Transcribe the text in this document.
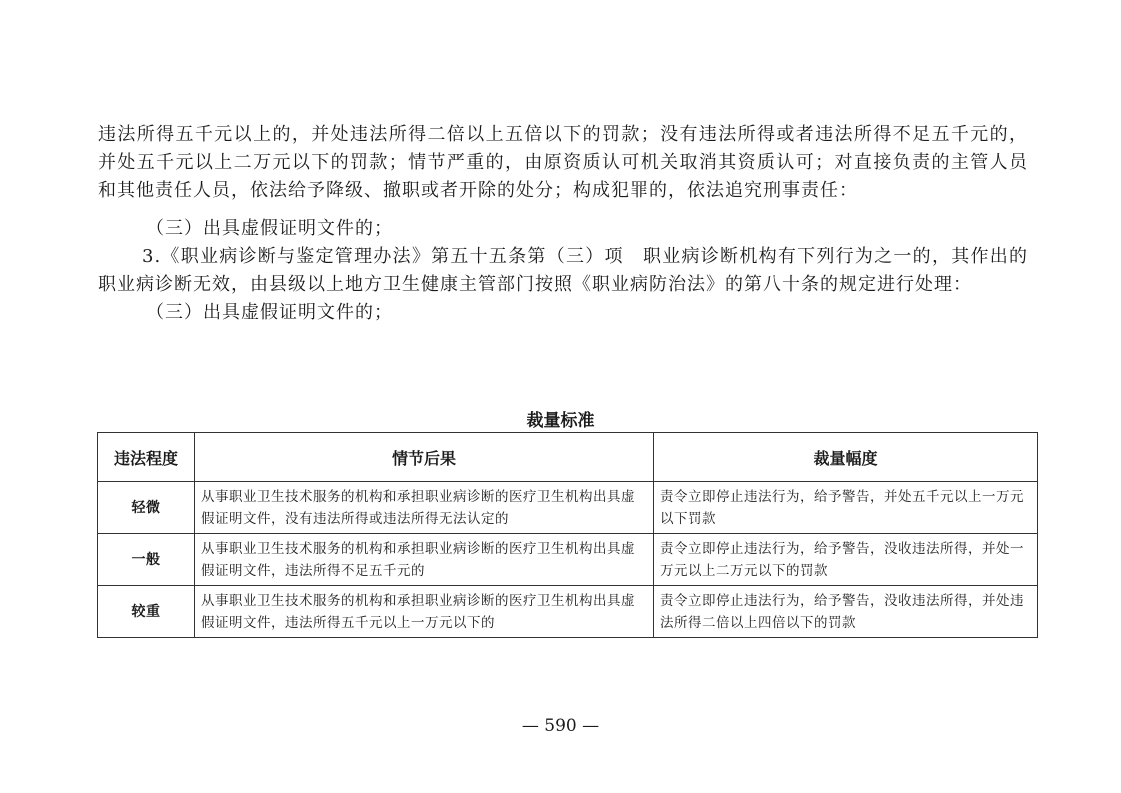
违法所得五千元以上的，并处违法所得二倍以上五倍以下的罚款；没有违法所得或者违法所得不足五千元的，并处五千元以上二万元以下的罚款；情节严重的，由原资质认可机关取消其资质认可；对直接负责的主管人员和其他责任人员，依法给予降级、撤职或者开除的处分；构成犯罪的，依法追究刑事责任：

（三）出具虚假证明文件的；

3.《职业病诊断与鉴定管理办法》第五十五条第（三）项　职业病诊断机构有下列行为之一的，其作出的职业病诊断无效，由县级以上地方卫生健康主管部门按照《职业病防治法》的第八十条的规定进行处理：

（三）出具虚假证明文件的；

裁量标准
违法程度	情节后果	裁量幅度
轻微	从事职业卫生技术服务的机构和承担职业病诊断的医疗卫生机构出具虚假证明文件，没有违法所得或违法所得无法认定的	责令立即停止违法行为，给予警告，并处五千元以上一万元以下罚款
一般	从事职业卫生技术服务的机构和承担职业病诊断的医疗卫生机构出具虚假证明文件，违法所得不足五千元的	责令立即停止违法行为，给予警告，没收违法所得，并处一万元以上二万元以下的罚款
较重	从事职业卫生技术服务的机构和承担职业病诊断的医疗卫生机构出具虚假证明文件，违法所得五千元以上一万元以下的	责令立即停止违法行为，给予警告，没收违法所得，并处违法所得二倍以上四倍以下的罚款
— 590 —
